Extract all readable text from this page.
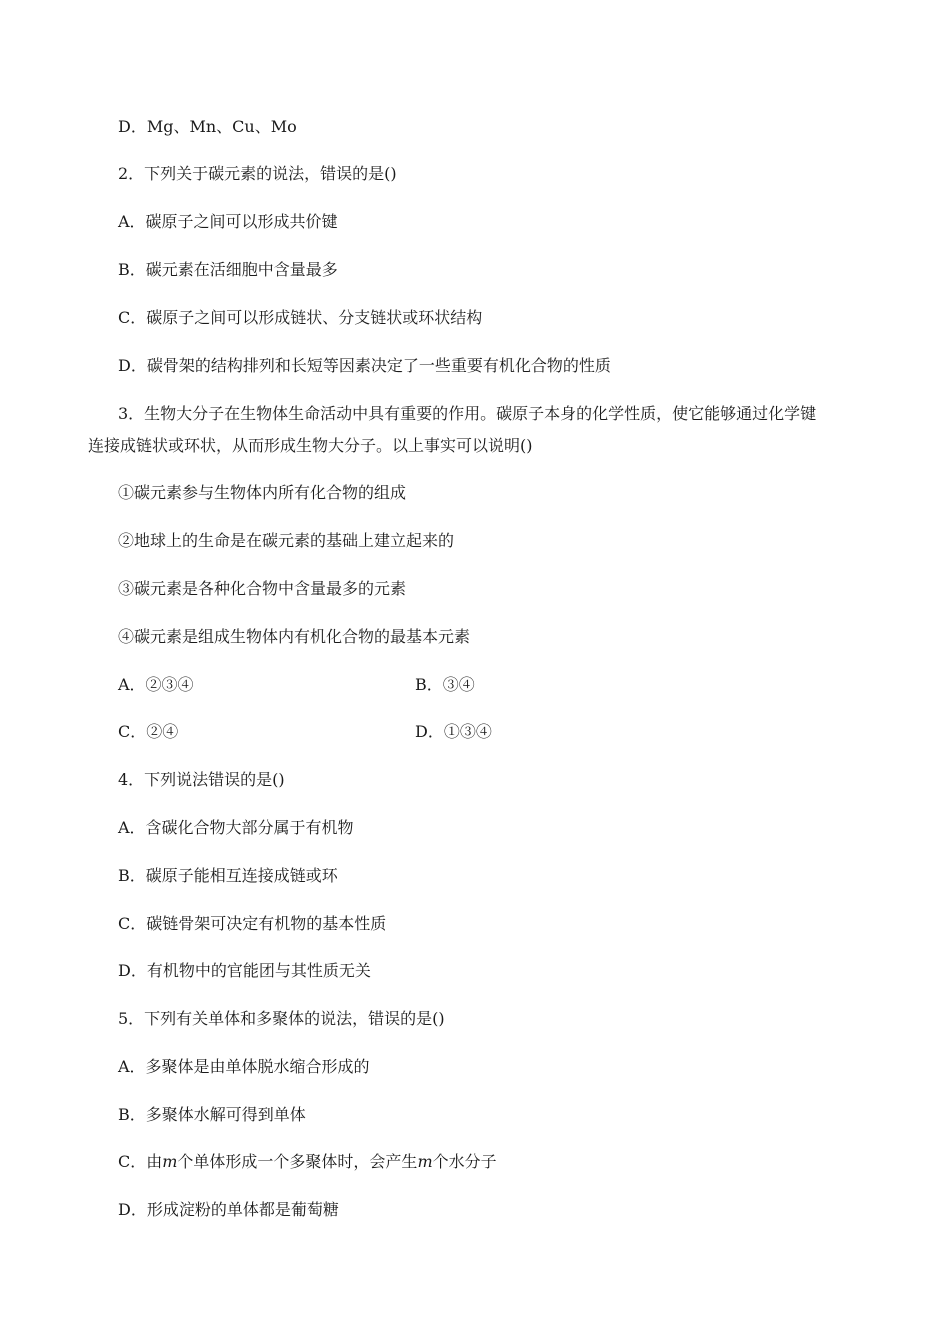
D．Mg、Mn、Cu、Mo
2．下列关于碳元素的说法，错误的是()
A．碳原子之间可以形成共价键
B．碳元素在活细胞中含量最多
C．碳原子之间可以形成链状、分支链状或环状结构
D．碳骨架的结构排列和长短等因素决定了一些重要有机化合物的性质
3．生物大分子在生物体生命活动中具有重要的作用。碳原子本身的化学性质，使它能够通过化学键
连接成链状或环状，从而形成生物大分子。以上事实可以说明()
①碳元素参与生物体内所有化合物的组成
②地球上的生命是在碳元素的基础上建立起来的
③碳元素是各种化合物中含量最多的元素
④碳元素是组成生物体内有机化合物的最基本元素
A．②③④	B．③④
C．②④	D．①③④
4．下列说法错误的是()
A．含碳化合物大部分属于有机物
B．碳原子能相互连接成链或环
C．碳链骨架可决定有机物的基本性质
D．有机物中的官能团与其性质无关
5．下列有关单体和多聚体的说法，错误的是()
A．多聚体是由单体脱水缩合形成的
B．多聚体水解可得到单体
C．由m个单体形成一个多聚体时，会产生m个水分子
D．形成淀粉的单体都是葡萄糖
